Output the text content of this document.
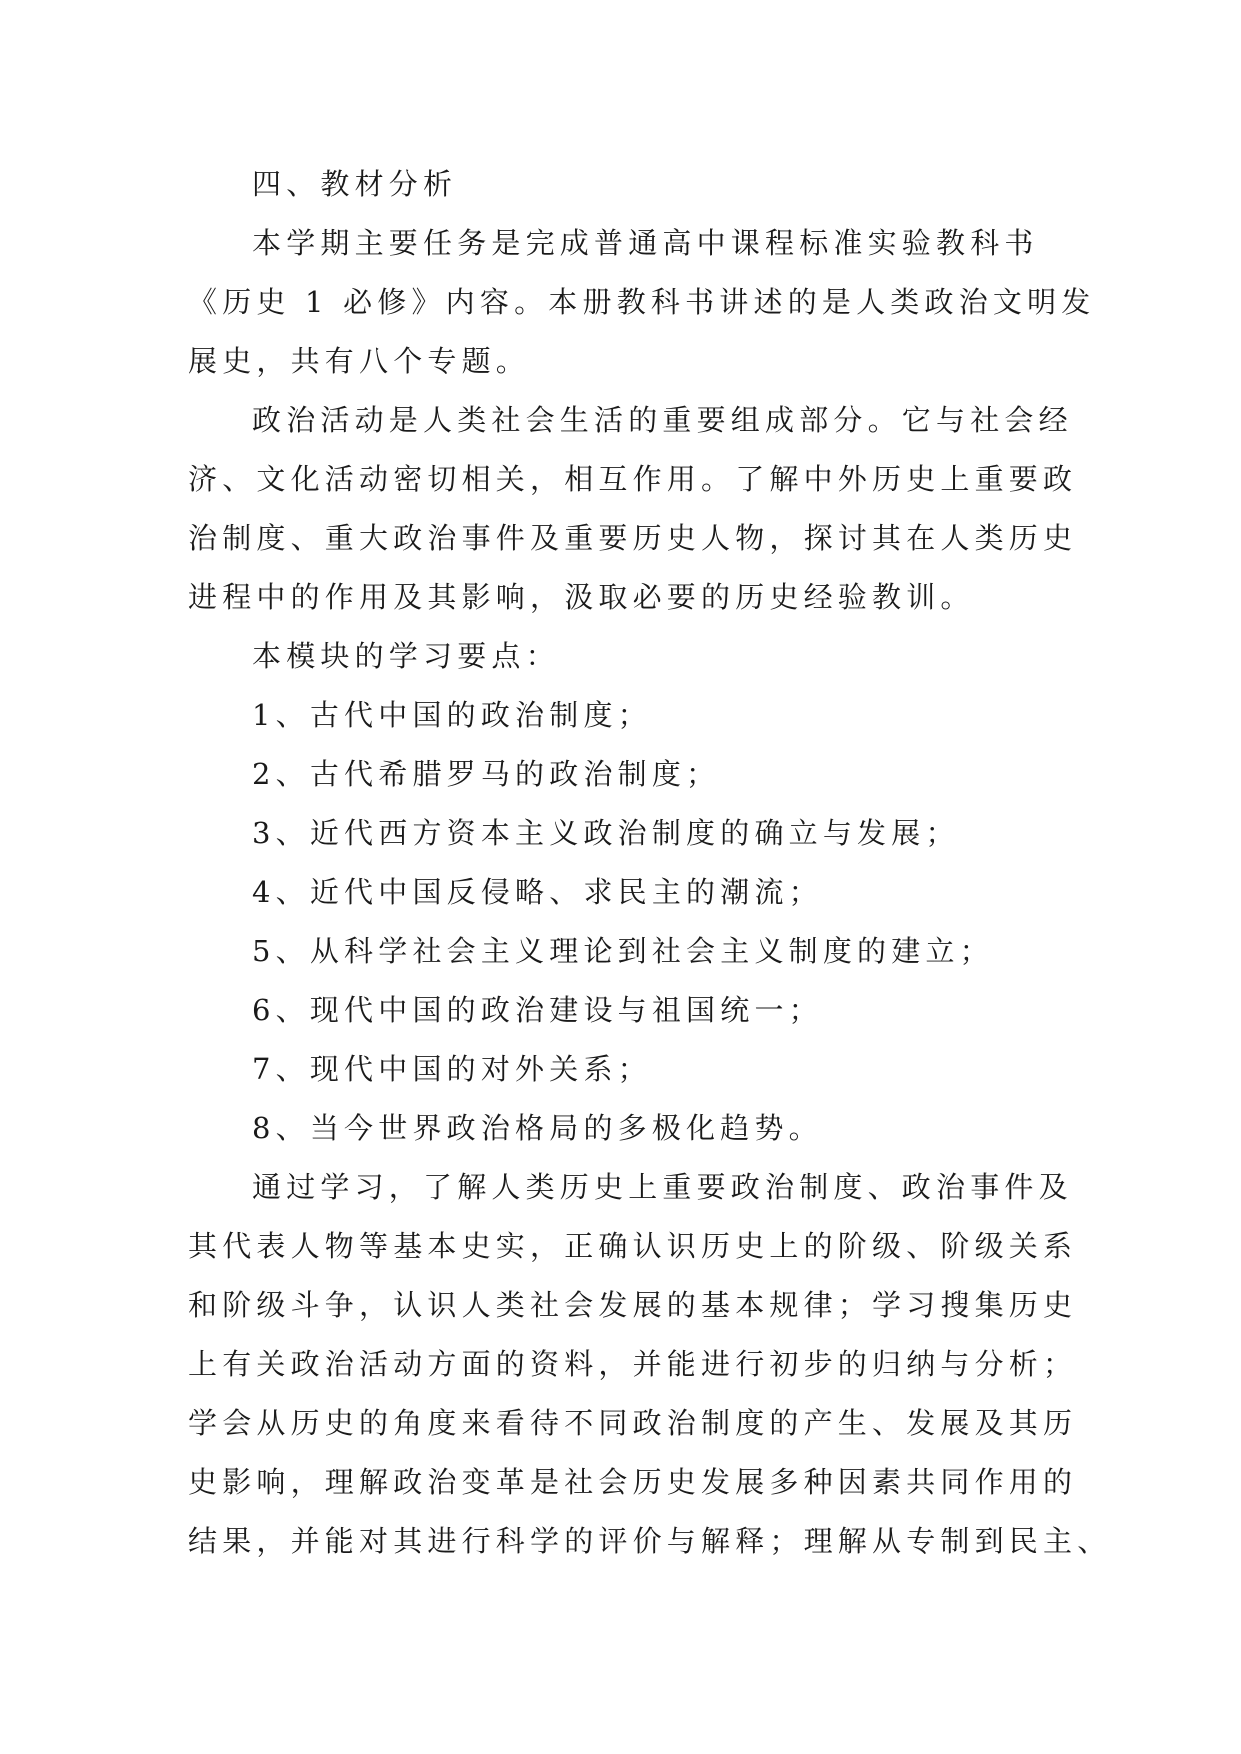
四、教材分析
本学期主要任务是完成普通高中课程标准实验教科书
《历史 1 必修》内容。本册教科书讲述的是人类政治文明发
展史，共有八个专题。
政治活动是人类社会生活的重要组成部分。它与社会经
济、文化活动密切相关，相互作用。了解中外历史上重要政
治制度、重大政治事件及重要历史人物，探讨其在人类历史
进程中的作用及其影响，汲取必要的历史经验教训。
本模块的学习要点：
1、古代中国的政治制度；
2、古代希腊罗马的政治制度；
3、近代西方资本主义政治制度的确立与发展；
4、近代中国反侵略、求民主的潮流；
5、从科学社会主义理论到社会主义制度的建立；
6、现代中国的政治建设与祖国统一；
7、现代中国的对外关系；
8、当今世界政治格局的多极化趋势。
通过学习，了解人类历史上重要政治制度、政治事件及
其代表人物等基本史实，正确认识历史上的阶级、阶级关系
和阶级斗争，认识人类社会发展的基本规律；学习搜集历史
上有关政治活动方面的资料，并能进行初步的归纳与分析；
学会从历史的角度来看待不同政治制度的产生、发展及其历
史影响，理解政治变革是社会历史发展多种因素共同作用的
结果，并能对其进行科学的评价与解释；理解从专制到民主、
